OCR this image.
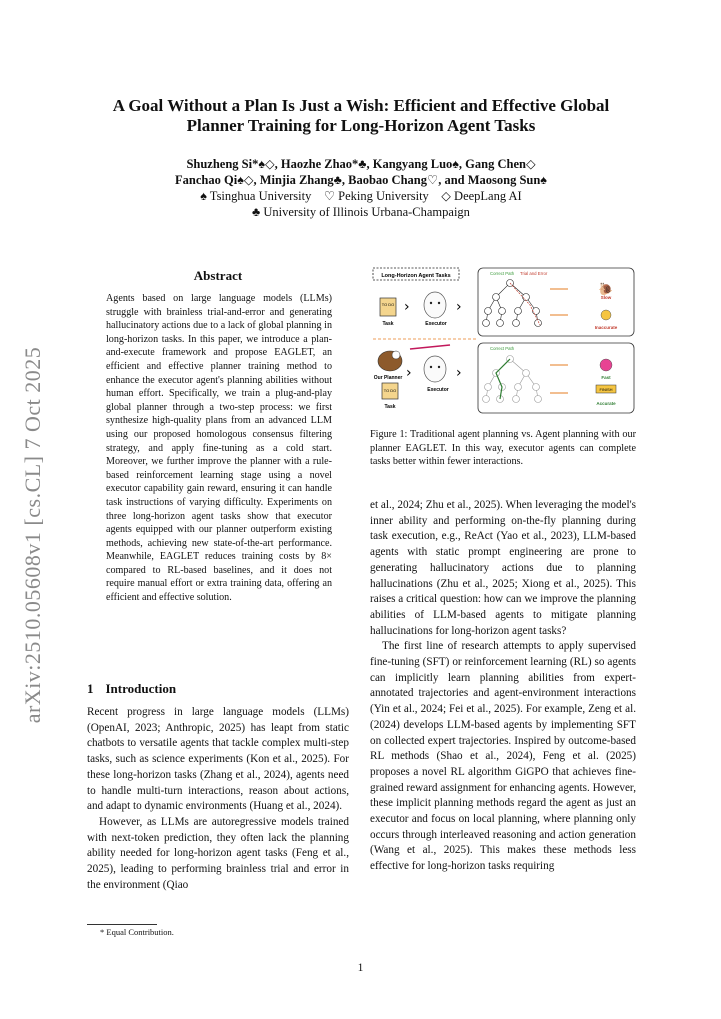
arXiv:2510.05608v1 [cs.CL] 7 Oct 2025
A Goal Without a Plan Is Just a Wish: Efficient and Effective Global
Planner Training for Long-Horizon Agent Tasks
Shuzheng Si*♠◇, Haozhe Zhao*♣, Kangyang Luo♠, Gang Chen◇
Fanchao Qi♠◇, Minjia Zhang♣, Baobao Chang♡, and Maosong Sun♠
♠ Tsinghua University    ♡ Peking University    ◇ DeepLang AI
♣ University of Illinois Urbana-Champaign
Abstract
Agents based on large language models (LLMs) struggle with brainless trial-and-error and generating hallucinatory actions due to a lack of global planning in long-horizon tasks. In this paper, we introduce a plan-and-execute framework and propose EAGLET, an efficient and effective planner training method to enhance the executor agent's planning abilities without human effort. Specifically, we train a plug-and-play global planner through a two-step process: we first synthesize high-quality plans from an advanced LLM using our proposed homologous consensus filtering strategy, and apply fine-tuning as a cold start. Moreover, we further improve the planner with a rule-based reinforcement learning stage using a novel executor capability gain reward, ensuring it can handle task instructions of varying difficulty. Experiments on three long-horizon agent tasks show that executor agents equipped with our planner outperform existing methods, achieving new state-of-the-art performance. Meanwhile, EAGLET reduces training costs by 8× compared to RL-based baselines, and it does not require manual effort or extra training data, offering an efficient and effective solution.
1 Introduction

Recent progress in large language models (LLMs) (OpenAI, 2023; Anthropic, 2025) has leapt from static chatbots to versatile agents that tackle complex multi-step tasks, such as science experiments (Kon et al., 2025). For these long-horizon tasks (Zhang et al., 2024), agents need to handle multi-turn interactions, reason about actions, and adapt to dynamic environments (Huang et al., 2024).

However, as LLMs are autoregressive models trained with next-token prediction, they often lack the planning ability needed for long-horizon agent tasks (Feng et al., 2025), leading to performing brainless trial and error in the environment (Qiao

* Equal Contribution.
Long-Horizon Agent Tasks
TO DO
Task
›
Executor
›
Correct Path Trial and Error
🐌
Slow
Inaccurate
Our Planner
TO DO
Task
›
Executor
›
Correct Path
Fast
FINISH
Accurate
Figure 1: Traditional agent planning vs. Agent planning with our planner EAGLET. In this way, executor agents can complete tasks better within fewer interactions.

et al., 2024; Zhu et al., 2025). When leveraging the model's inner ability and performing on-the-fly planning during task execution, e.g., ReAct (Yao et al., 2023), LLM-based agents with static prompt engineering are prone to generating hallucinatory actions due to planning hallucinations (Zhu et al., 2025; Xiong et al., 2025). This raises a critical question: how can we improve the planning abilities of LLM-based agents to mitigate planning hallucinations for long-horizon agent tasks?

The first line of research attempts to apply supervised fine-tuning (SFT) or reinforcement learning (RL) so agents can implicitly learn planning abilities from expert-annotated trajectories and agent-environment interactions (Yin et al., 2024; Fei et al., 2025). For example, Zeng et al. (2024) develops LLM-based agents by implementing SFT on collected expert trajectories. Inspired by outcome-based RL methods (Shao et al., 2024), Feng et al. (2025) proposes a novel RL algorithm GiGPO that achieves fine-grained reward assignment for enhancing agents. However, these implicit planning methods regard the agent as just an executor and focus on local planning, where planning only occurs through interleaved reasoning and action generation (Wang et al., 2025). This makes these methods less effective for long-horizon tasks requiring

1
